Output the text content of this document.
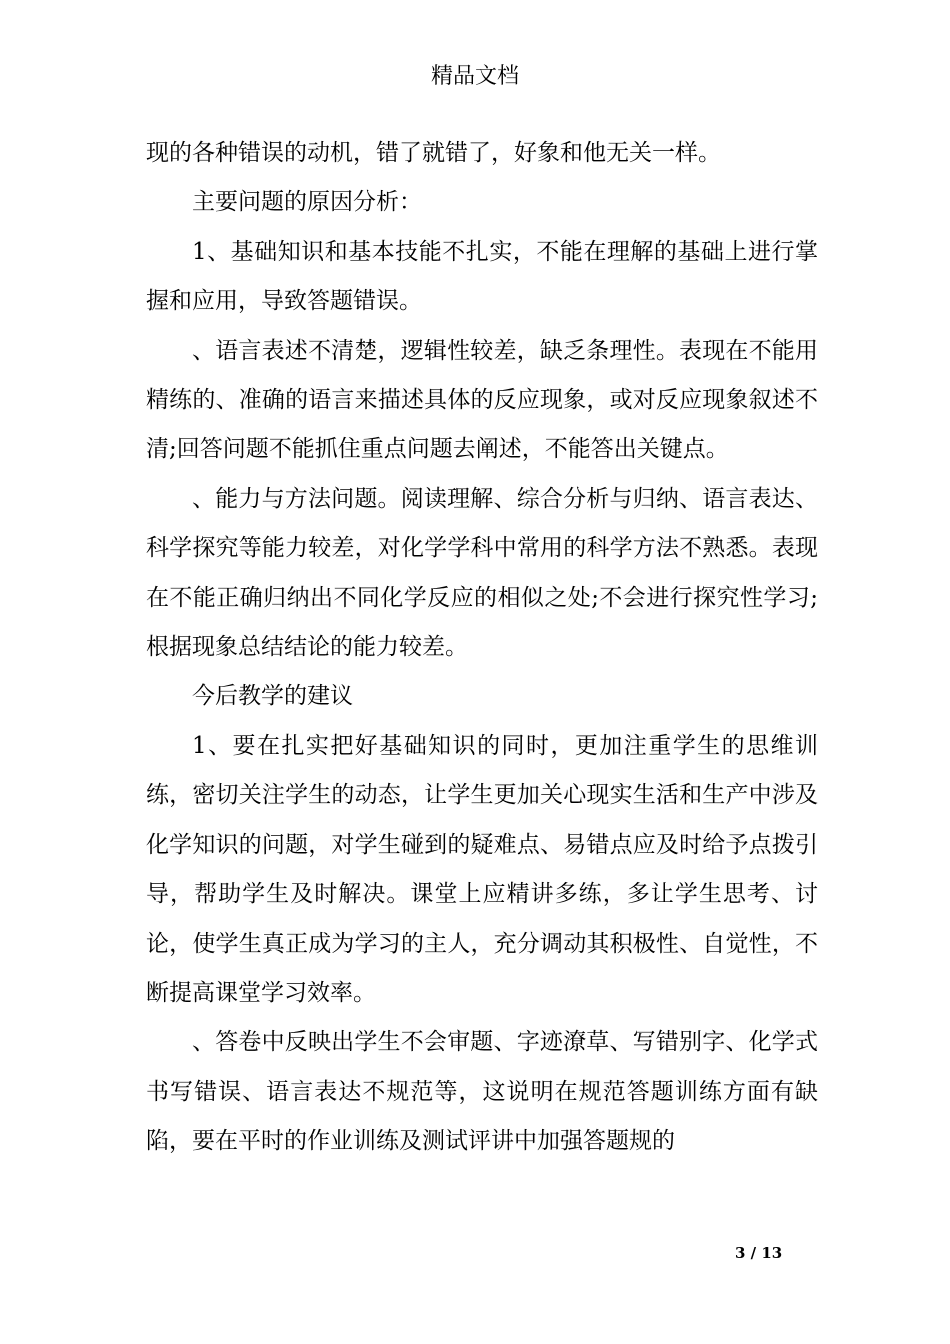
精品文档

现的各种错误的动机，错了就错了，好象和他无关一样。

主要问题的原因分析：

1、基础知识和基本技能不扎实，不能在理解的基础上进行掌握和应用，导致答题错误。

、语言表述不清楚，逻辑性较差，缺乏条理性。表现在不能用精练的、准确的语言来描述具体的反应现象，或对反应现象叙述不清;回答问题不能抓住重点问题去阐述，不能答出关键点。

、能力与方法问题。阅读理解、综合分析与归纳、语言表达、科学探究等能力较差，对化学学科中常用的科学方法不熟悉。表现在不能正确归纳出不同化学反应的相似之处;不会进行探究性学习;根据现象总结结论的能力较差。

今后教学的建议

1、要在扎实把好基础知识的同时，更加注重学生的思维训练，密切关注学生的动态，让学生更加关心现实生活和生产中涉及化学知识的问题，对学生碰到的疑难点、易错点应及时给予点拨引导，帮助学生及时解决。课堂上应精讲多练，多让学生思考、讨论，使学生真正成为学习的主人，充分调动其积极性、自觉性，不断提高课堂学习效率。

、答卷中反映出学生不会审题、字迹潦草、写错别字、化学式书写错误、语言表达不规范等，这说明在规范答题训练方面有缺陷，要在平时的作业训练及测试评讲中加强答题规的

3 / 13
